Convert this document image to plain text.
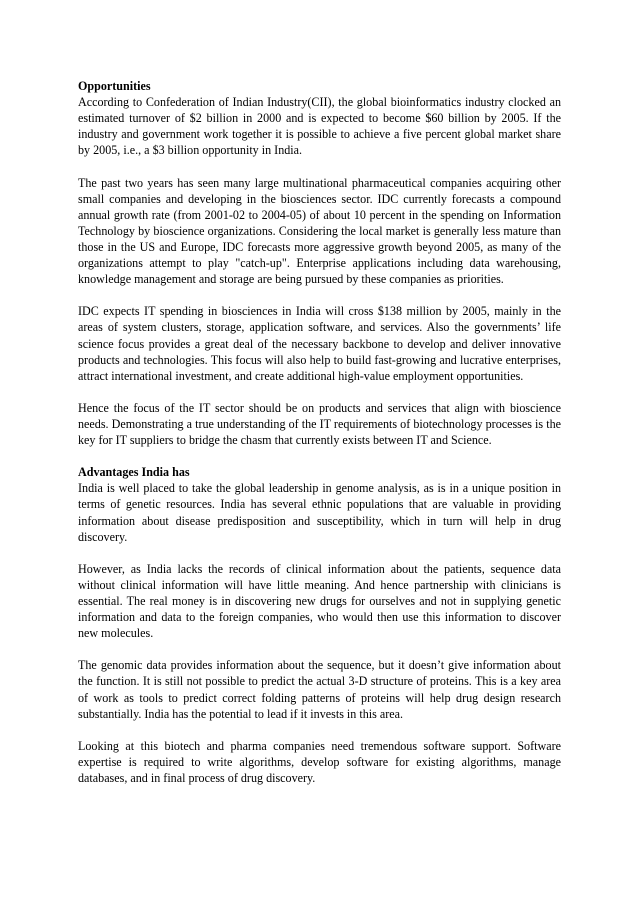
Opportunities

According to Confederation of Indian Industry(CII), the global bioinformatics industry clocked an estimated turnover of $2 billion in 2000 and is expected to become $60 billion by 2005. If the industry and government work together it is possible to achieve a five percent global market share by 2005, i.e., a $3 billion opportunity in India.

The past two years has seen many large multinational pharmaceutical companies acquiring other small companies and developing in the biosciences sector. IDC currently forecasts a compound annual growth rate (from 2001-02 to 2004-05) of about 10 percent in the spending on Information Technology by bioscience organizations. Considering the local market is generally less mature than those in the US and Europe, IDC forecasts more aggressive growth beyond 2005, as many of the organizations attempt to play "catch-up". Enterprise applications including data warehousing, knowledge management and storage are being pursued by these companies as priorities.

IDC expects IT spending in biosciences in India will cross $138 million by 2005, mainly in the areas of system clusters, storage, application software, and services. Also the governments’ life science focus provides a great deal of the necessary backbone to develop and deliver innovative products and technologies. This focus will also help to build fast-growing and lucrative enterprises, attract international investment, and create additional high-value employment opportunities.

Hence the focus of the IT sector should be on products and services that align with bioscience needs. Demonstrating a true understanding of the IT requirements of biotechnology processes is the key for IT suppliers to bridge the chasm that currently exists between IT and Science.

Advantages India has

India is well placed to take the global leadership in genome analysis, as is in a unique position in terms of genetic resources. India has several ethnic populations that are valuable in providing information about disease predisposition and susceptibility, which in turn will help in drug discovery.

However, as India lacks the records of clinical information about the patients, sequence data without clinical information will have little meaning. And hence partnership with clinicians is essential. The real money is in discovering new drugs for ourselves and not in supplying genetic information and data to the foreign companies, who would then use this information to discover new molecules.

The genomic data provides information about the sequence, but it doesn’t give information about the function. It is still not possible to predict the actual 3-D structure of proteins. This is a key area of work as tools to predict correct folding patterns of proteins will help drug design research substantially. India has the potential to lead if it invests in this area.

Looking at this biotech and pharma companies need tremendous software support. Software expertise is required to write algorithms, develop software for existing algorithms, manage databases, and in final process of drug discovery.
